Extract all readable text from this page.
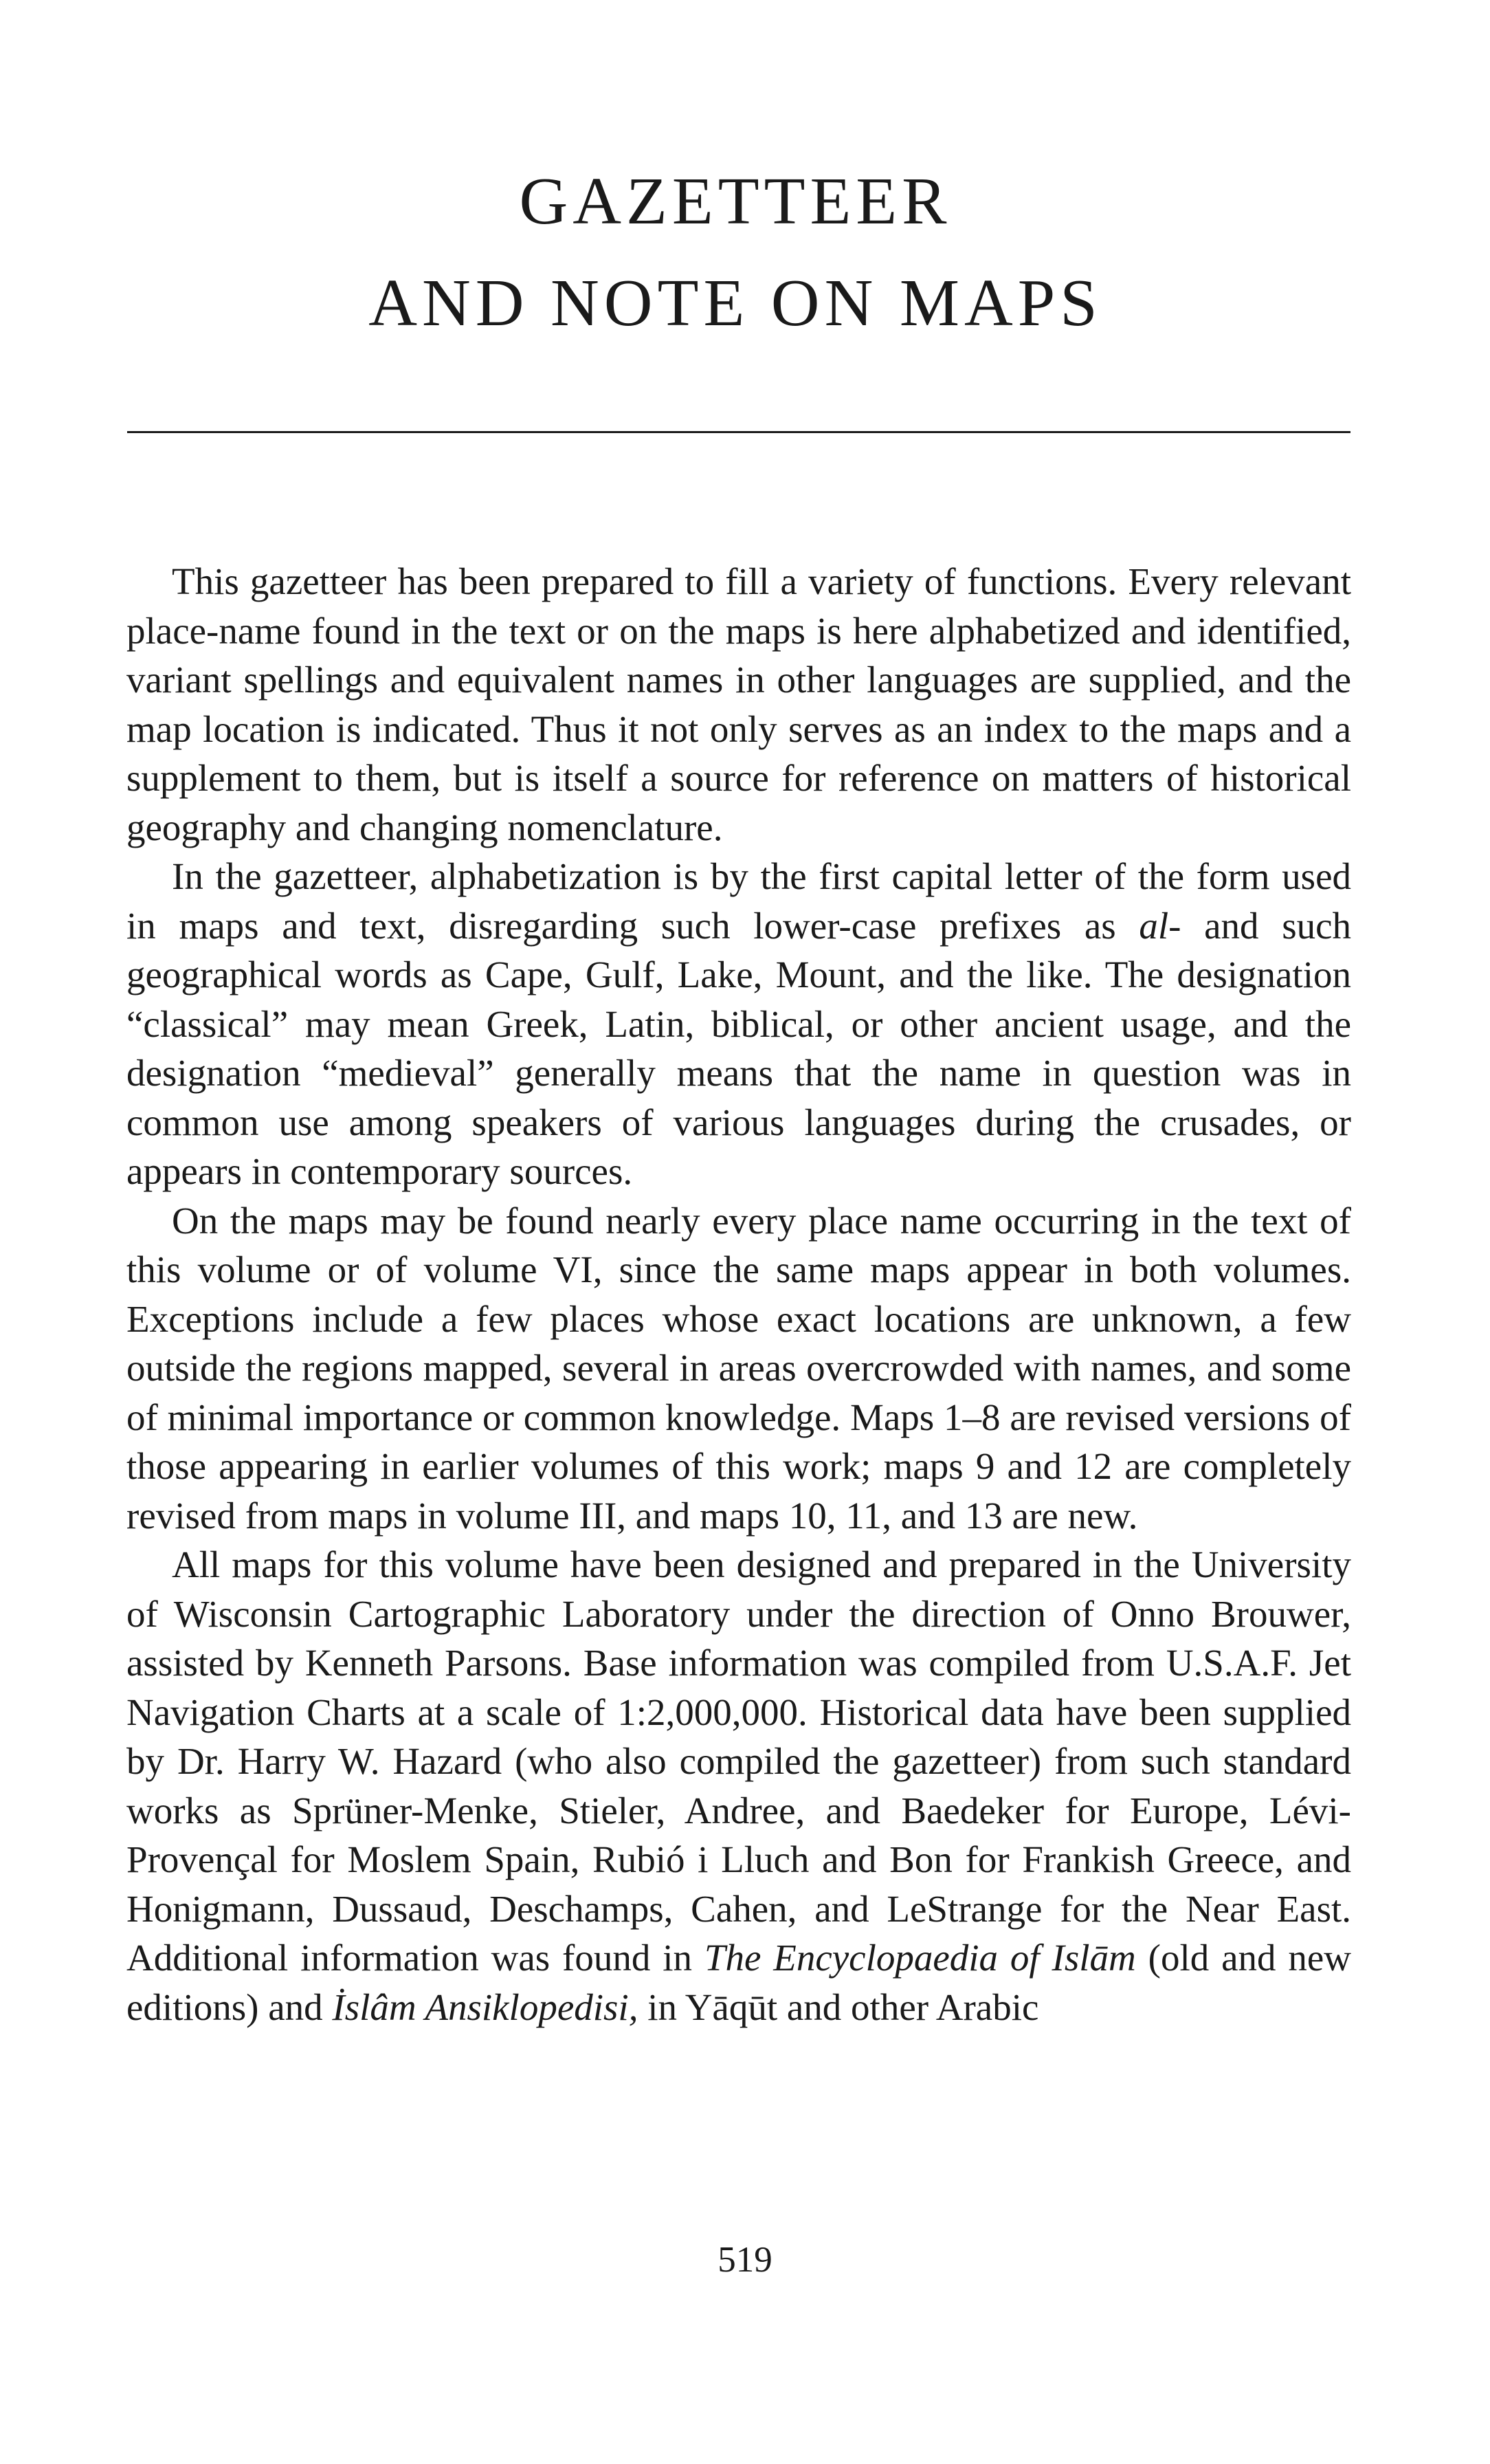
GAZETTEER
AND NOTE ON MAPS

This gazetteer has been prepared to fill a variety of functions. Every relevant place-name found in the text or on the maps is here alphabetized and identified, variant spellings and equivalent names in other languages are supplied, and the map location is indicated. Thus it not only serves as an index to the maps and a supplement to them, but is itself a source for reference on matters of historical geography and changing nomenclature.

In the gazetteer, alphabetization is by the first capital letter of the form used in maps and text, disregarding such lower-case prefixes as al- and such geographical words as Cape, Gulf, Lake, Mount, and the like. The designation “classical” may mean Greek, Latin, biblical, or other ancient usage, and the designation “medieval” generally means that the name in question was in common use among speakers of various languages during the crusades, or appears in contemporary sources.

On the maps may be found nearly every place name occurring in the text of this volume or of volume VI, since the same maps appear in both volumes. Exceptions include a few places whose exact locations are unknown, a few outside the regions mapped, several in areas overcrowded with names, and some of minimal importance or common knowledge. Maps 1–8 are revised versions of those appearing in earlier volumes of this work; maps 9 and 12 are completely revised from maps in volume III, and maps 10, 11, and 13 are new.

All maps for this volume have been designed and prepared in the University of Wisconsin Cartographic Laboratory under the direction of Onno Brouwer, assisted by Kenneth Parsons. Base information was compiled from U.S.A.F. Jet Navigation Charts at a scale of 1:2,000,000. Historical data have been supplied by Dr. Harry W. Hazard (who also compiled the gazetteer) from such standard works as Sprüner-Menke, Stieler, Andree, and Baedeker for Europe, Lévi-Provençal for Moslem Spain, Rubió i Lluch and Bon for Frankish Greece, and Honigmann, Dussaud, Deschamps, Cahen, and LeStrange for the Near East. Additional information was found in The Encyclopaedia of Islām (old and new editions) and İslâm Ansiklopedisi, in Yāqūt and other Arabic

519
